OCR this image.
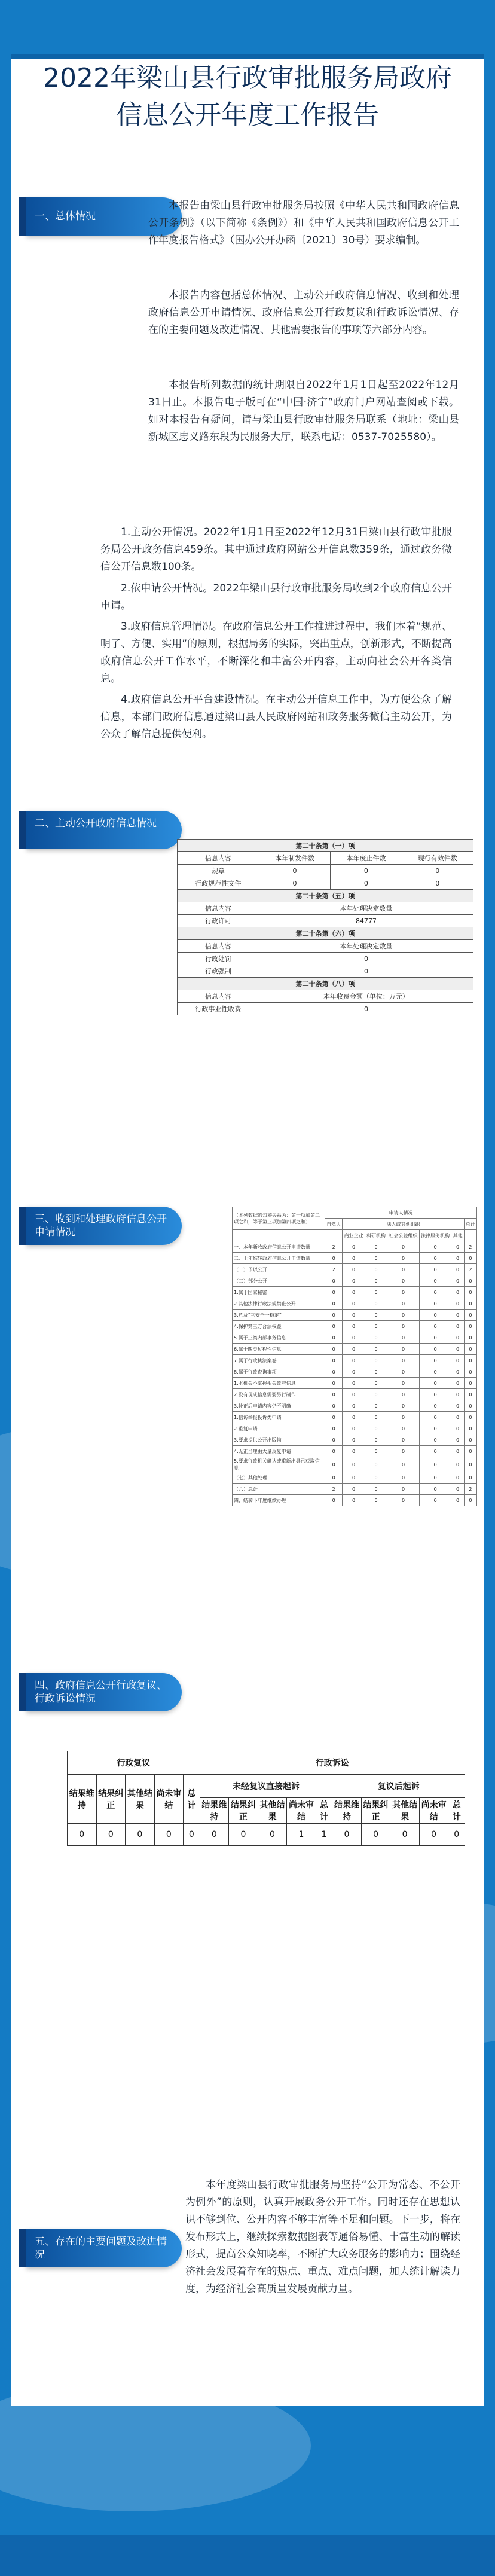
2022年梁山县行政审批服务局政府
信息公开年度工作报告
一、总体情况
本报告由梁山县行政审批服务局按照《中华人民共和国政府信息公开条例》（以下简称《条例》）和《中华人民共和国政府信息公开工作年度报告格式》（国办公开办函〔2021〕30号）要求编制。
本报告内容包括总体情况、主动公开政府信息情况、收到和处理政府信息公开申请情况、政府信息公开行政复议和行政诉讼情况、存在的主要问题及改进情况、其他需要报告的事项等六部分内容。
本报告所列数据的统计期限自2022年1月1日起至2022年12月31日止。本报告电子版可在“中国·济宁”政府门户网站查阅或下载。如对本报告有疑问，请与梁山县行政审批服务局联系（地址：梁山县新城区忠义路东段为民服务大厅，联系电话：0537-7025580）。
1.主动公开情况。2022年1月1日至2022年12月31日梁山县行政审批服务局公开政务信息459条。其中通过政府网站公开信息数359条，通过政务微信公开信息数100条。
2.依申请公开情况。2022年梁山县行政审批服务局收到2个政府信息公开申请。
3.政府信息管理情况。在政府信息公开工作推进过程中，我们本着“规范、明了、方便、实用”的原则，根据局务的实际，突出重点，创新形式，不断提高政府信息公开工作水平，不断深化和丰富公开内容，主动向社会公开各类信息。
4.政府信息公开平台建设情况。在主动公开信息工作中，为方便公众了解信息，本部门政府信息通过梁山县人民政府网站和政务服务微信主动公开，为公众了解信息提供便利。
二、主动公开政府信息情况
第二十条第（一）项			
信息内容	本年制发件数	本年废止件数	现行有效件数
规章	0	0	0
行政规范性文件	0	0	0
第二十条第（五）项			
信息内容	本年处理决定数量		
行政许可	84777		
第二十条第（六）项			
信息内容	本年处理决定数量		
行政处罚	0		
行政强制	0		
第二十条第（八）项			
信息内容	本年收费金额（单位：万元）		
行政事业性收费	0		
三、收到和处理政府信息公开申请情况
（本列数据的勾稽关系为：第一项加第二项之和，等于第三项加第四项之和）	申请人情况						
	自然人	法人或其他组织					总计
		商业企业	科研机构	社会公益组织	法律服务机构	其他	
一、本年新收政府信息公开申请数量	2	0	0	0	0	0	2
二、上年结转政府信息公开申请数量	0	0	0	0	0	0	0
（一）予以公开	2	0	0	0	0	0	2
（二）部分公开	0	0	0	0	0	0	0
1.属于国家秘密	0	0	0	0	0	0	0
2.其他法律行政法规禁止公开	0	0	0	0	0	0	0
3.危及“三安全一稳定”	0	0	0	0	0	0	0
4.保护第三方合法权益	0	0	0	0	0	0	0
5.属于三类内部事务信息	0	0	0	0	0	0	0
6.属于四类过程性信息	0	0	0	0	0	0	0
7.属于行政执法案卷	0	0	0	0	0	0	0
8.属于行政查询事项	0	0	0	0	0	0	0
1.本机关不掌握相关政府信息	0	0	0	0	0	0	0
2.没有现成信息需要另行制作	0	0	0	0	0	0	0
3.补正后申请内容仍不明确	0	0	0	0	0	0	0
1.信访举报投诉类申请	0	0	0	0	0	0	0
2.重复申请	0	0	0	0	0	0	0
3.要求提供公开出版物	0	0	0	0	0	0	0
4.无正当理由大量反复申请	0	0	0	0	0	0	0
5.要求行政机关确认或重新出具已获取信息	0	0	0	0	0	0	0
（七）其他处理	0	0	0	0	0	0	0
（八）总计	2	0	0	0	0	0	2
四、结转下年度继续办理	0	0	0	0	0	0	0
四、政府信息公开行政复议、行政诉讼情况
行政复议					行政诉讼									
结果维持	结果纠正	其他结果	尚未审结	总计	未经复议直接起诉					复议后起诉				
					结果维持	结果纠正	其他结果	尚未审结	总计	结果维持	结果纠正	其他结果	尚未审结	总计
0	0	0	0	0	0	0	0	1	1	0	0	0	0	0
五、存在的主要问题及改进情况
本年度梁山县行政审批服务局坚持“公开为常态、不公开为例外”的原则，认真开展政务公开工作。同时还存在思想认识不够到位、公开内容不够丰富等不足和问题。下一步，将在发布形式上，继续探索数据图表等通俗易懂、丰富生动的解读形式，提高公众知晓率，不断扩大政务服务的影响力；围绕经济社会发展着存在的热点、重点、难点问题，加大统计解读力度，为经济社会高质量发展贡献力量。
